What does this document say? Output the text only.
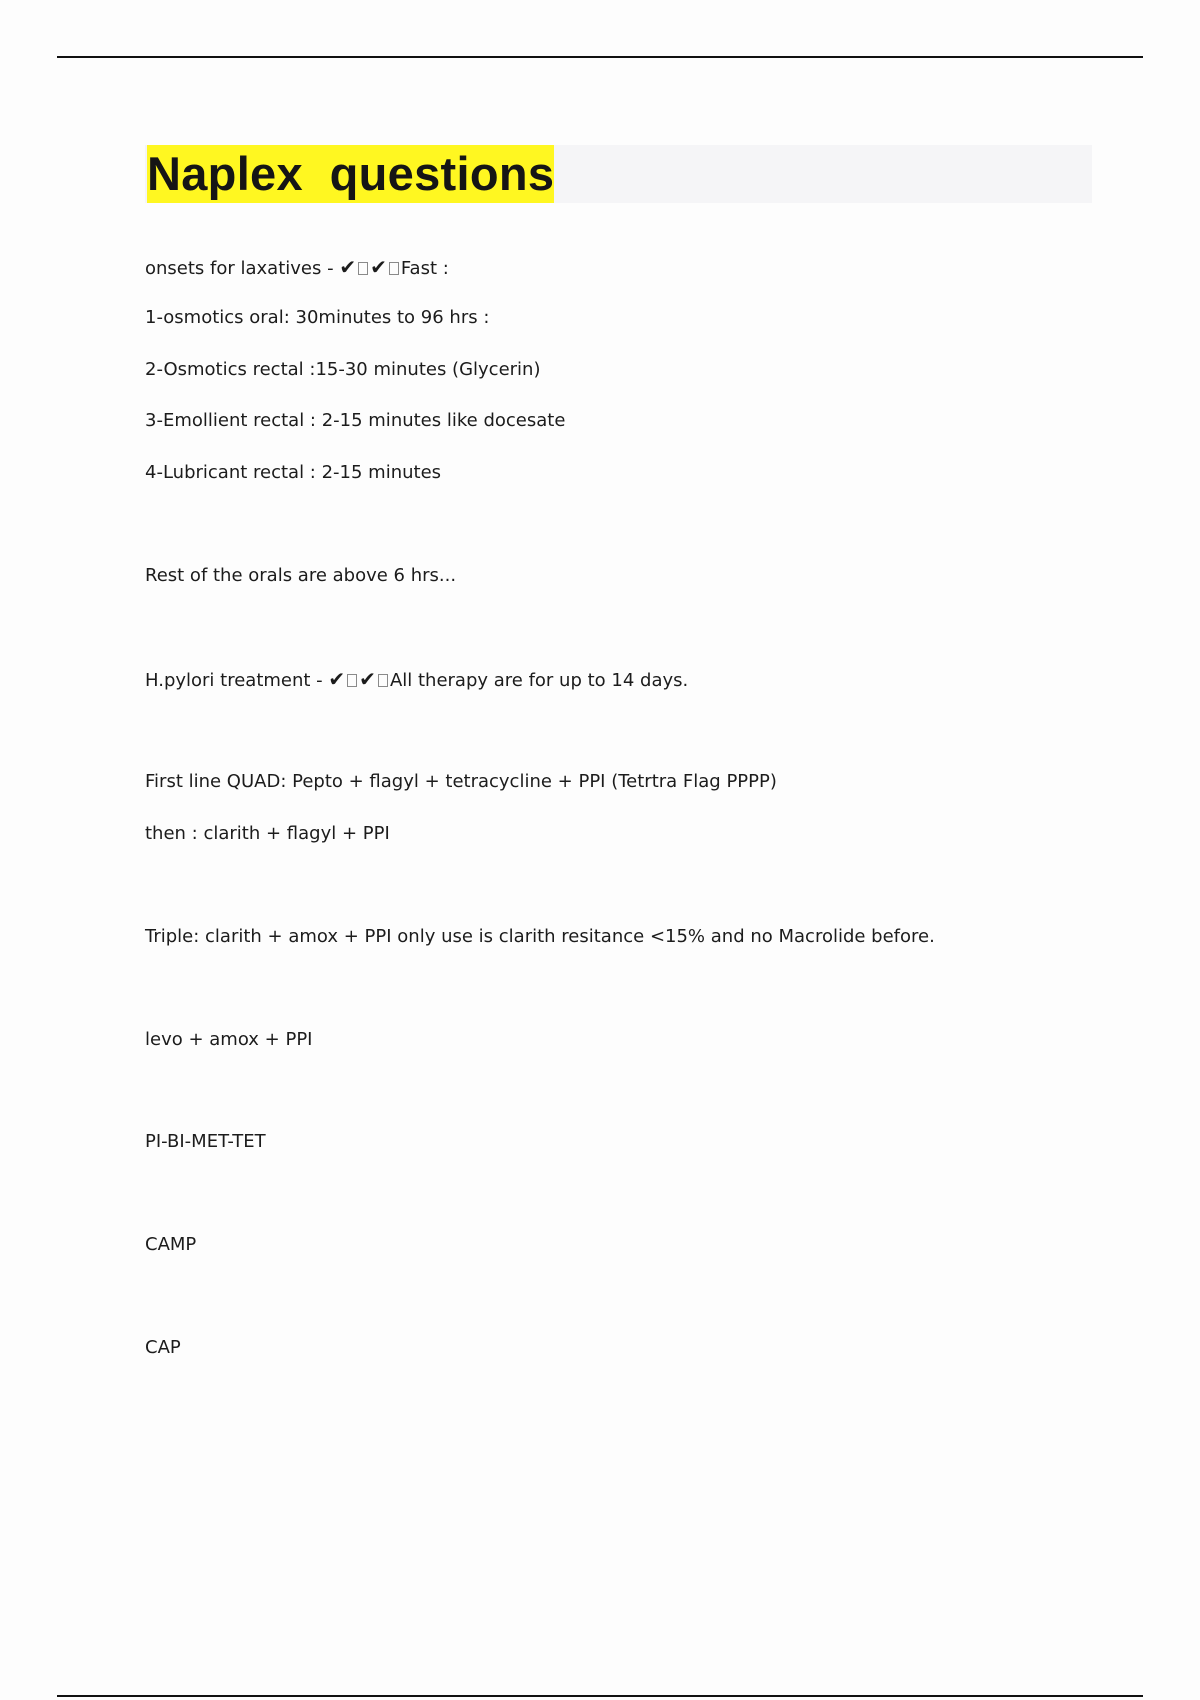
Naplex  questions
onsets for laxatives - ✔ ✔ Fast :
1-osmotics oral: 30minutes to 96 hrs :
2-Osmotics rectal :15-30 minutes (Glycerin)
3-Emollient rectal : 2-15 minutes like docesate
4-Lubricant rectal : 2-15 minutes
Rest of the orals are above 6 hrs...
H.pylori treatment - ✔ ✔ All therapy are for up to 14 days.
First line QUAD: Pepto + flagyl + tetracycline + PPI (Tetrtra Flag PPPP)
then : clarith + flagyl + PPI
Triple: clarith + amox + PPI only use is clarith resitance <15% and no Macrolide before.
levo + amox + PPI
PI-BI-MET-TET
CAMP
CAP
